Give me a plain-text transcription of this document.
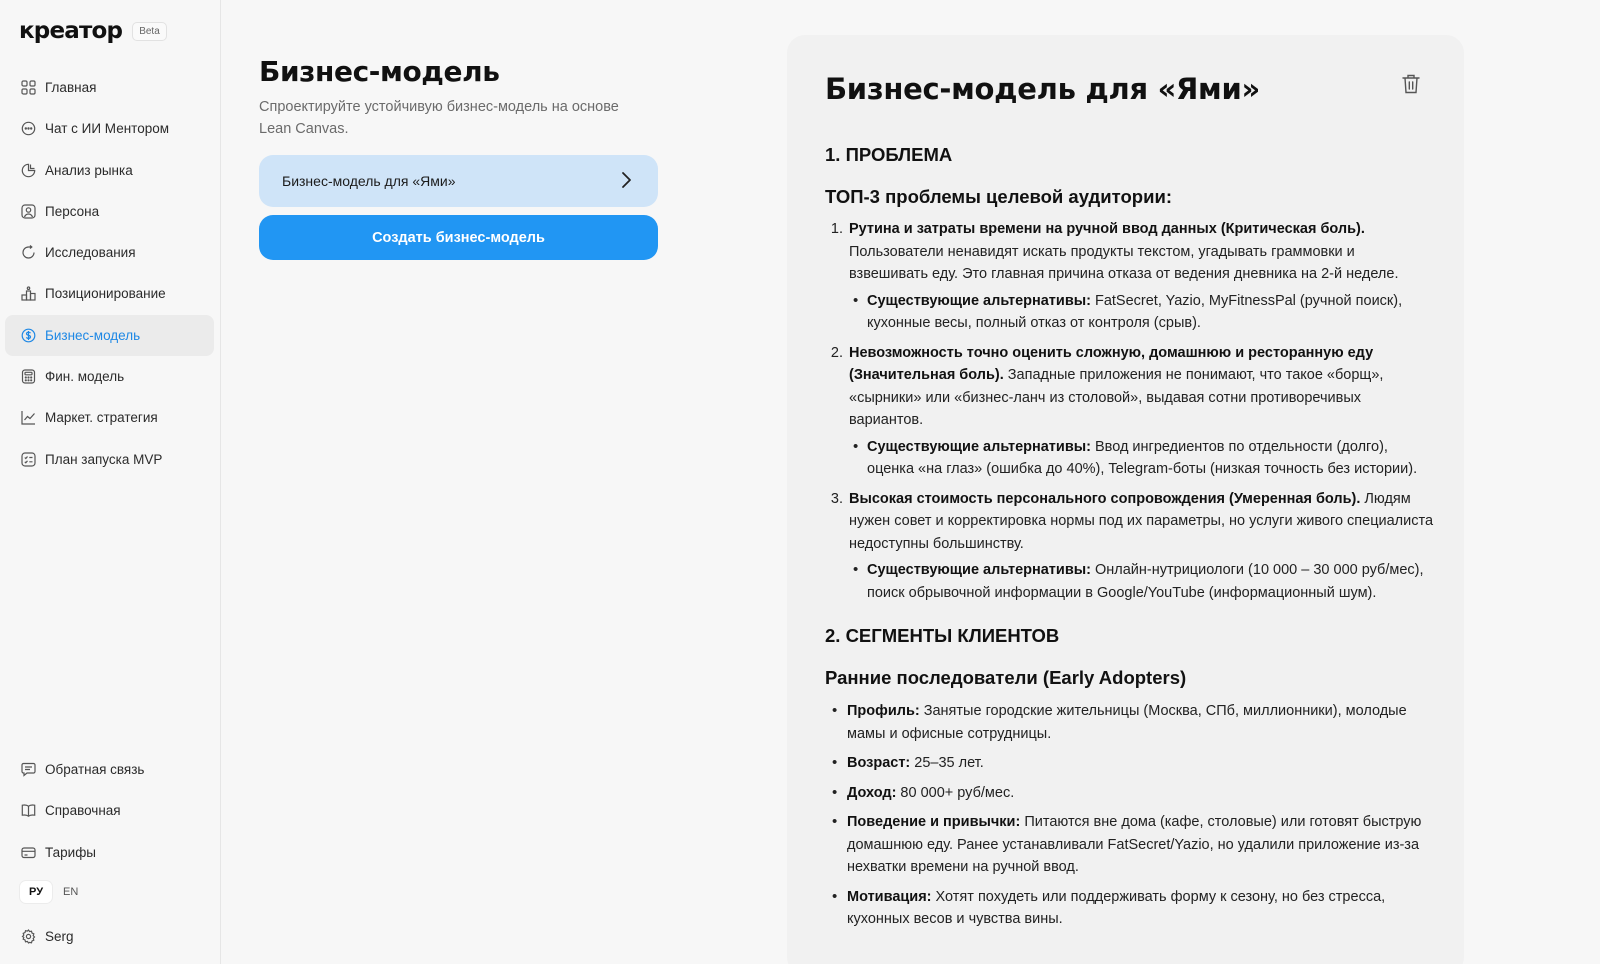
креатор	Beta
Главная
Чат с ИИ Ментором
Анализ рынка
Персона
Исследования
Позиционирование
Бизнес-модель
Фин. модель
Маркет. стратегия
План запуска MVP
Обратная связь
Справочная
Тарифы
РУ	EN
Serg
Бизнес-модель

Спроектируйте устойчивую бизнес-модель на основе Lean Canvas.

Бизнес-модель для «Ями»
Создать бизнес-модель
Бизнес-модель для «Ями»
1. ПРОБЛЕМА
ТОП-3 проблемы целевой аудитории:

1. Рутина и затраты времени на ручной ввод данных (Критическая боль). Пользователи ненавидят искать продукты текстом, угадывать граммовки и взвешивать еду. Это главная причина отказа от ведения дневника на 2-й неделе.

• Существующие альтернативы: FatSecret, Yazio, MyFitnessPal (ручной поиск), кухонные весы, полный отказ от контроля (срыв).

2. Невозможность точно оценить сложную, домашнюю и ресторанную еду (Значительная боль). Западные приложения не понимают, что такое «борщ», «сырники» или «бизнес-ланч из столовой», выдавая сотни противоречивых вариантов.

• Существующие альтернативы: Ввод ингредиентов по отдельности (долго), оценка «на глаз» (ошибка до 40%), Telegram-боты (низкая точность без истории).

3. Высокая стоимость персонального сопровождения (Умеренная боль). Людям нужен совет и корректировка нормы под их параметры, но услуги живого специалиста недоступны большинству.

• Существующие альтернативы: Онлайн-нутрициологи (10 000 – 30 000 руб/мес), поиск обрывочной информации в Google/YouTube (информационный шум).
2. СЕГМЕНТЫ КЛИЕНТОВ
Ранние последователи (Early Adopters)
• Профиль: Занятые городские жительницы (Москва, СПб, миллионники), молодые мамы и офисные сотрудницы.
• Возраст: 25–35 лет.
• Доход: 80 000+ руб/мес.
• Поведение и привычки: Питаются вне дома (кафе, столовые) или готовят быструю домашнюю еду. Ранее устанавливали FatSecret/Yazio, но удалили приложение из-за нехватки времени на ручной ввод.
• Мотивация: Хотят похудеть или поддерживать форму к сезону, но без стресса, кухонных весов и чувства вины.
